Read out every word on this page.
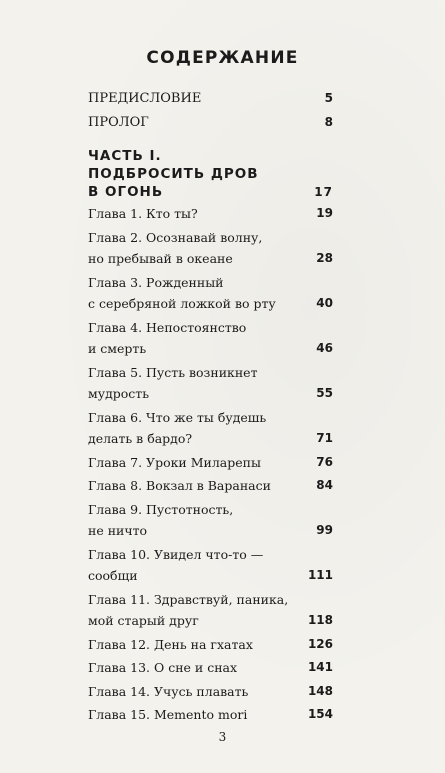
СОДЕРЖАНИЕ
ПРЕДИСЛОВИЕ	5
ПРОЛОГ	8
ЧАСТЬ I.
ПОДБРОСИТЬ ДРОВ
В ОГОНЬ	17
Глава 1. Кто ты?	19
Глава 2. Осознавай волну,
но пребывай в океане	28
Глава 3. Рожденный
с серебряной ложкой во рту	40
Глава 4. Непостоянство
и смерть	46
Глава 5. Пусть возникнет
мудрость	55
Глава 6. Что же ты будешь
делать в бардо?	71
Глава 7. Уроки Миларепы	76
Глава 8. Вокзал в Варанаси	84
Глава 9. Пустотность,
не ничто	99
Глава 10. Увидел что-то —
сообщи	111
Глава 11. Здравствуй, паника,
мой старый друг	118
Глава 12. День на гхатах	126
Глава 13. О сне и снах	141
Глава 14. Учусь плавать	148
Глава 15. Memento mori	154
3
